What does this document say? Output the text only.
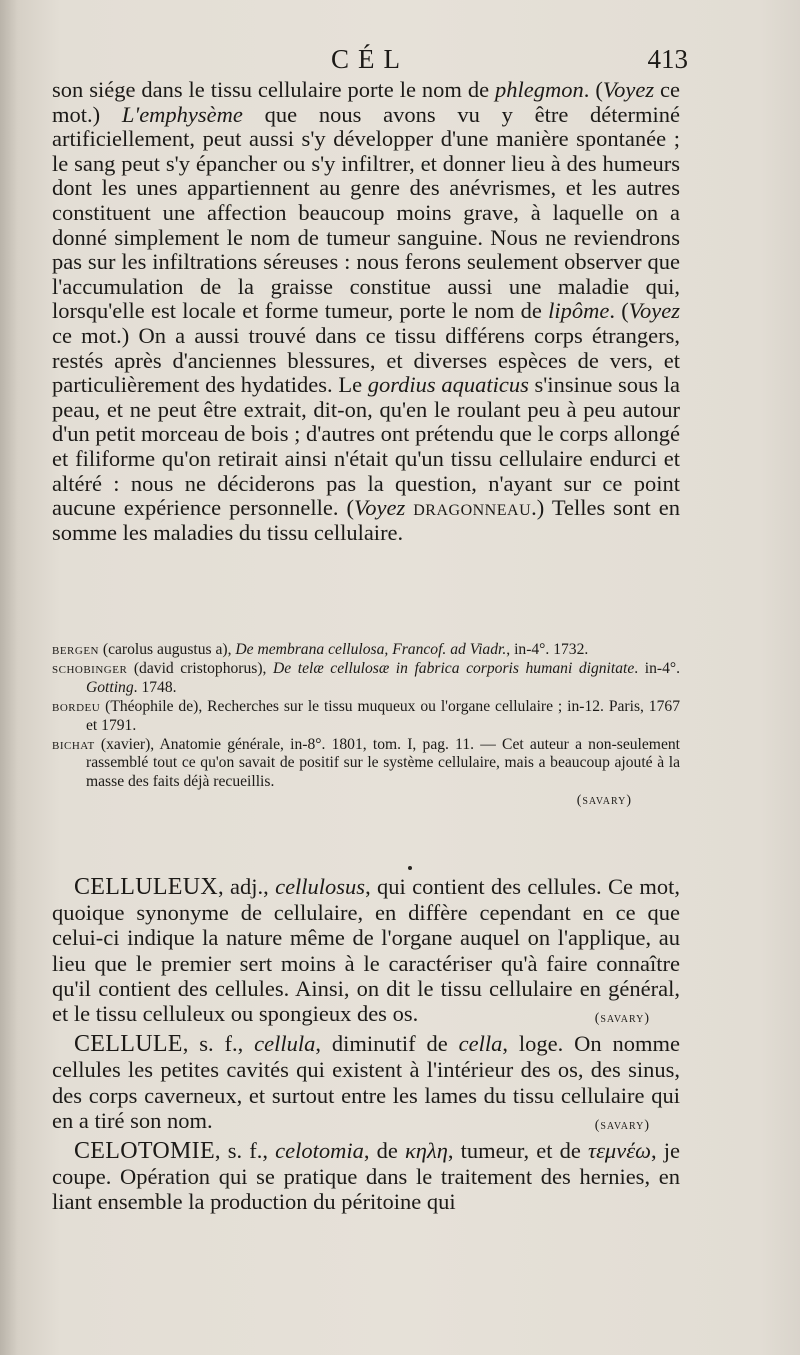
CÉL	413

son siége dans le tissu cellulaire porte le nom de phlegmon. (Voyez ce mot.) L'emphysème que nous avons vu y être déterminé artificiellement, peut aussi s'y développer d'une manière spontanée ; le sang peut s'y épancher ou s'y infiltrer, et donner lieu à des humeurs dont les unes appartiennent au genre des anévrismes, et les autres constituent une affection beaucoup moins grave, à laquelle on a donné simplement le nom de tumeur sanguine. Nous ne reviendrons pas sur les infiltrations séreuses : nous ferons seulement observer que l'accumulation de la graisse constitue aussi une maladie qui, lorsqu'elle est locale et forme tumeur, porte le nom de lipôme. (Voyez ce mot.) On a aussi trouvé dans ce tissu différens corps étrangers, restés après d'anciennes blessures, et diverses espèces de vers, et particulièrement des hydatides. Le gordius aquaticus s'insinue sous la peau, et ne peut être extrait, dit-on, qu'en le roulant peu à peu autour d'un petit morceau de bois ; d'autres ont prétendu que le corps allongé et filiforme qu'on retirait ainsi n'était qu'un tissu cellulaire endurci et altéré : nous ne déciderons pas la question, n'ayant sur ce point aucune expérience personnelle. (Voyez dragonneau.) Telles sont en somme les maladies du tissu cellulaire.

bergen (carolus augustus a), De membrana cellulosa, Francof. ad Viadr., in-4°. 1732.

schobinger (david cristophorus), De telæ cellulosæ in fabrica corporis humani dignitate. in-4°. Gotting. 1748.

bordeu (Théophile de), Recherches sur le tissu muqueux ou l'organe cellulaire ; in-12. Paris, 1767 et 1791.

bichat (xavier), Anatomie générale, in-8°. 1801, tom. I, pag. 11. — Cet auteur a non-seulement rassemblé tout ce qu'on savait de positif sur le système cellulaire, mais a beaucoup ajouté à la masse des faits déjà recueillis.

(savary)

CELLULEUX, adj., cellulosus, qui contient des cellules. Ce mot, quoique synonyme de cellulaire, en diffère cependant en ce que celui-ci indique la nature même de l'organe auquel on l'applique, au lieu que le premier sert moins à le caractériser qu'à faire connaître qu'il contient des cellules. Ainsi, on dit le tissu cellulaire en général, et le tissu celluleux ou spongieux des os.	(savary)

CELLULE, s. f., cellula, diminutif de cella, loge. On nomme cellules les petites cavités qui existent à l'intérieur des os, des sinus, des corps caverneux, et surtout entre les lames du tissu cellulaire qui en a tiré son nom.	(savary)

CELOTOMIE, s. f., celotomia, de κηλη, tumeur, et de τεμνέω, je coupe. Opération qui se pratique dans le traitement des hernies, en liant ensemble la production du péritoine qui
